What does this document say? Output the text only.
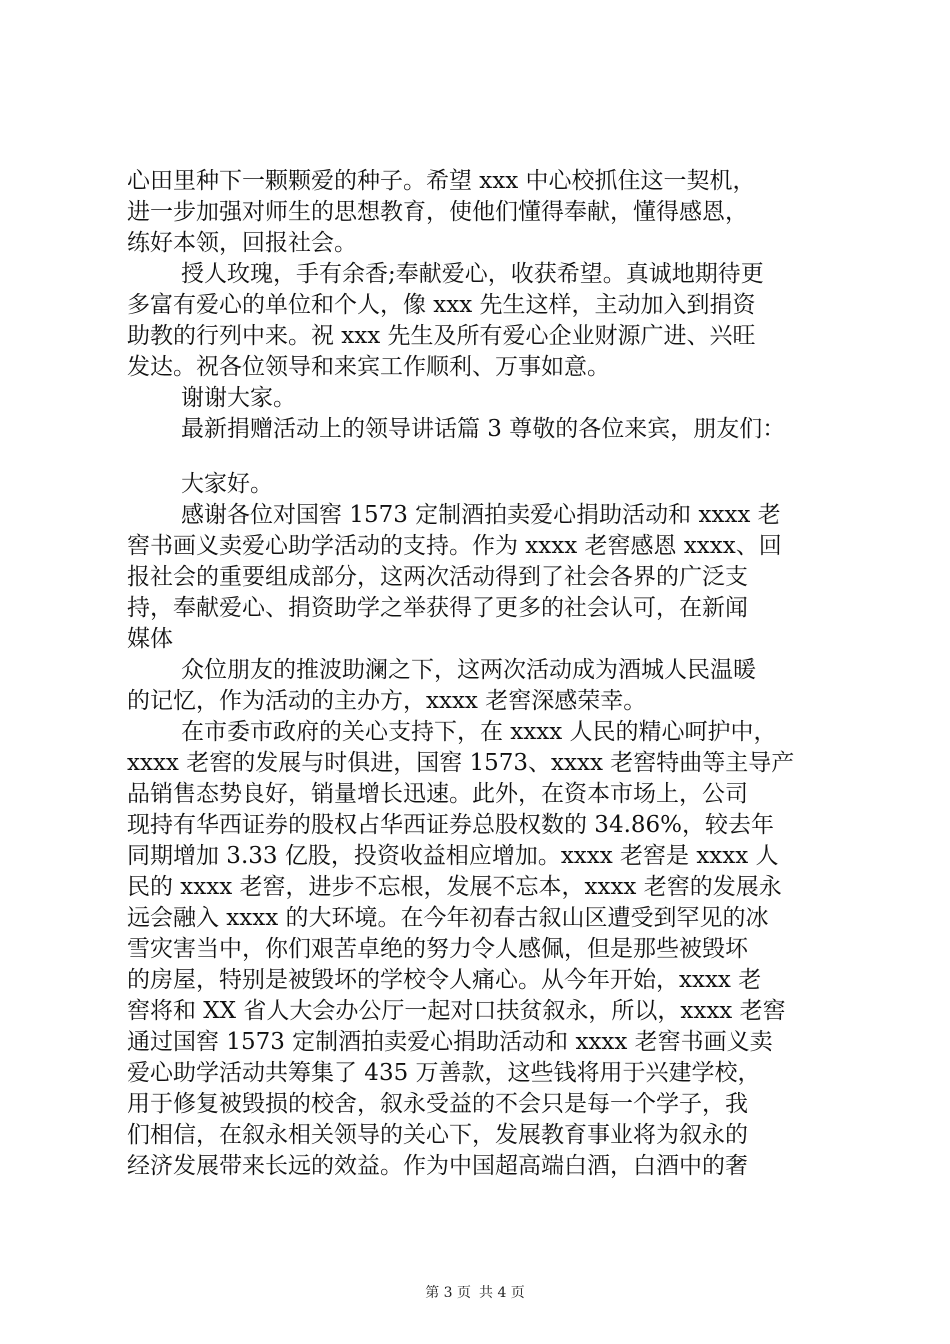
心田里种下一颗颗爱的种子。希望 xxx 中心校抓住这一契机，
进一步加强对师生的思想教育，使他们懂得奉献，懂得感恩，
练好本领，回报社会。
授人玫瑰，手有余香;奉献爱心，收获希望。真诚地期待更
多富有爱心的单位和个人，像 xxx 先生这样，主动加入到捐资
助教的行列中来。祝 xxx 先生及所有爱心企业财源广进、兴旺
发达。祝各位领导和来宾工作顺利、万事如意。
谢谢大家。
最新捐赠活动上的领导讲话篇 3 尊敬的各位来宾，朋友们：
大家好。
感谢各位对国窖 1573 定制酒拍卖爱心捐助活动和 xxxx 老
窖书画义卖爱心助学活动的支持。作为 xxxx 老窖感恩 xxxx、回
报社会的重要组成部分，这两次活动得到了社会各界的广泛支
持，奉献爱心、捐资助学之举获得了更多的社会认可，在新闻
媒体
众位朋友的推波助澜之下，这两次活动成为酒城人民温暖
的记忆，作为活动的主办方，xxxx 老窖深感荣幸。
在市委市政府的关心支持下，在 xxxx 人民的精心呵护中，
xxxx 老窖的发展与时俱进，国窖 1573、xxxx 老窖特曲等主导产
品销售态势良好，销量增长迅速。此外，在资本市场上，公司
现持有华西证券的股权占华西证券总股权数的 34.86%，较去年
同期增加 3.33 亿股，投资收益相应增加。xxxx 老窖是 xxxx 人
民的 xxxx 老窖，进步不忘根，发展不忘本，xxxx 老窖的发展永
远会融入 xxxx 的大环境。在今年初春古叙山区遭受到罕见的冰
雪灾害当中，你们艰苦卓绝的努力令人感佩，但是那些被毁坏
的房屋，特别是被毁坏的学校令人痛心。从今年开始，xxxx 老
窖将和 XX 省人大会办公厅一起对口扶贫叙永，所以，xxxx 老窖
通过国窖 1573 定制酒拍卖爱心捐助活动和 xxxx 老窖书画义卖
爱心助学活动共筹集了 435 万善款，这些钱将用于兴建学校，
用于修复被毁损的校舍，叙永受益的不会只是每一个学子，我
们相信，在叙永相关领导的关心下，发展教育事业将为叙永的
经济发展带来长远的效益。作为中国超高端白酒，白酒中的奢
第 3 页 共 4 页
